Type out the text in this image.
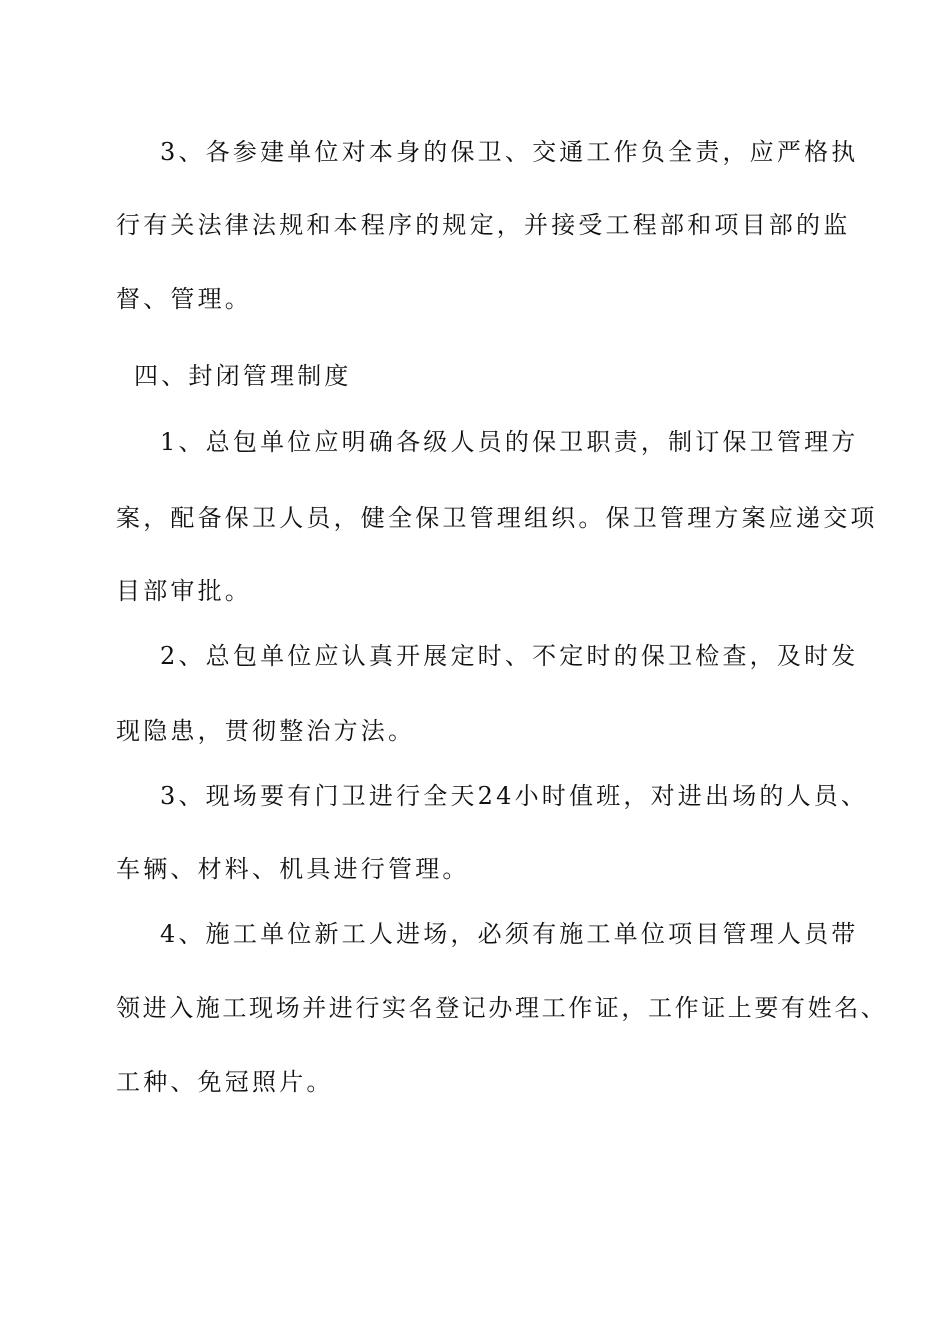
3、各参建单位对本身的保卫、交通工作负全责，应严格执
行有关法律法规和本程序的规定，并接受工程部和项目部的监
督、管理。
四、封闭管理制度
1、总包单位应明确各级人员的保卫职责，制订保卫管理方
案，配备保卫人员，健全保卫管理组织。保卫管理方案应递交项
目部审批。
2、总包单位应认真开展定时、不定时的保卫检查，及时发
现隐患，贯彻整治方法。
3、现场要有门卫进行全天24小时值班，对进出场的人员、
车辆、材料、机具进行管理。
4、施工单位新工人进场，必须有施工单位项目管理人员带
领进入施工现场并进行实名登记办理工作证，工作证上要有姓名、
工种、免冠照片。
